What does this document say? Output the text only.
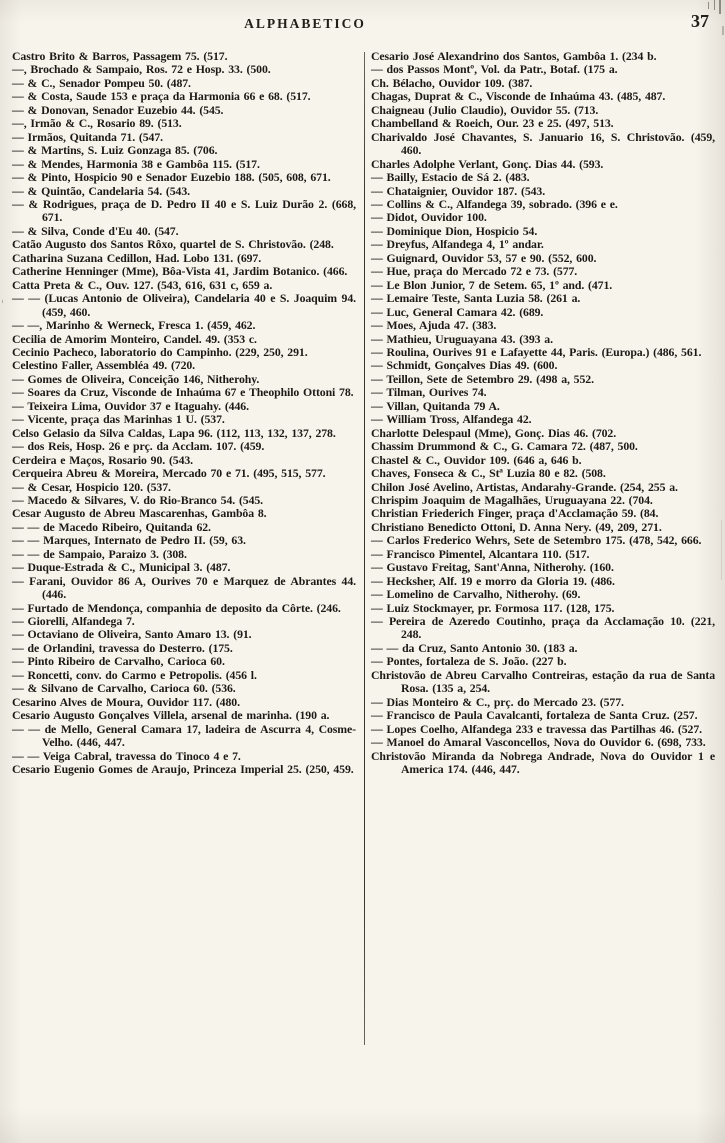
ALPHABETICO	37

Castro Brito & Barros, Passagem 75. (517.

—, Brochado & Sampaio, Ros. 72 e Hosp. 33. (500.

— & C., Senador Pompeu 50. (487.

— & Costa, Saude 153 e praça da Harmonia 66 e 68. (517.

— & Donovan, Senador Euzebio 44. (545.

—, Irmão & C., Rosario 89. (513.

— Irmãos, Quitanda 71. (547.

— & Martins, S. Luiz Gonzaga 85. (706.

— & Mendes, Harmonia 38 e Gambôa 115. (517.

— & Pinto, Hospicio 90 e Senador Euzebio 188. (505, 608, 671.

— & Quintão, Candelaria 54. (543.

— & Rodrigues, praça de D. Pedro II 40 e S. Luiz Durão 2. (668, 671.

— & Silva, Conde d'Eu 40. (547.

Catão Augusto dos Santos Rôxo, quartel de S. Christovão. (248.

Catharina Suzana Cedillon, Had. Lobo 131. (697.

Catherine Henninger (Mme), Bôa-Vista 41, Jardim Botanico. (466.

Catta Preta & C., Ouv. 127. (543, 616, 631 c, 659 a.

— — (Lucas Antonio de Oliveira), Candelaria 40 e S. Joaquim 94. (459, 460.

— —, Marinho & Werneck, Fresca 1. (459, 462.

Cecilia de Amorim Monteiro, Candel. 49. (353 c.

Cecinio Pacheco, laboratorio do Campinho. (229, 250, 291.

Celestino Faller, Assembléa 49. (720.

— Gomes de Oliveira, Conceição 146, Nitherohy.

— Soares da Cruz, Visconde de Inhaúma 67 e Theophilo Ottoni 78.

— Teixeira Lima, Ouvidor 37 e Itaguahy. (446.

— Vicente, praça das Marinhas 1 U. (537.

Celso Gelasio da Silva Caldas, Lapa 96. (112, 113, 132, 137, 278.

— dos Reis, Hosp. 26 e prç. da Acclam. 107. (459.

Cerdeira e Maços, Rosario 90. (543.

Cerqueira Abreu & Moreira, Mercado 70 e 71. (495, 515, 577.

— & Cesar, Hospicio 120. (537.

— Macedo & Silvares, V. do Rio-Branco 54. (545.

Cesar Augusto de Abreu Mascarenhas, Gambôa 8.

— — de Macedo Ribeiro, Quitanda 62.

— — Marques, Internato de Pedro II. (59, 63.

— — de Sampaio, Paraizo 3. (308.

— Duque-Estrada & C., Municipal 3. (487.

— Farani, Ouvidor 86 A, Ourives 70 e Marquez de Abrantes 44. (446.

— Furtado de Mendonça, companhia de deposito da Côrte. (246.

— Giorelli, Alfandega 7.

— Octaviano de Oliveira, Santo Amaro 13. (91.

— de Orlandini, travessa do Desterro. (175.

— Pinto Ribeiro de Carvalho, Carioca 60.

— Roncetti, conv. do Carmo e Petropolis. (456 l.

— & Silvano de Carvalho, Carioca 60. (536.

Cesarino Alves de Moura, Ouvidor 117. (480.

Cesario Augusto Gonçalves Villela, arsenal de marinha. (190 a.

— — de Mello, General Camara 17, ladeira de Ascurra 4, Cosme-Velho. (446, 447.

— — Veiga Cabral, travessa do Tinoco 4 e 7.

Cesario Eugenio Gomes de Araujo, Princeza Imperial 25. (250, 459.

Cesario José Alexandrino dos Santos, Gambôa 1. (234 b.

— dos Passos Montº, Vol. da Patr., Botaf. (175 a.

Ch. Bélacho, Ouvidor 109. (387.

Chagas, Duprat & C., Visconde de Inhaúma 43. (485, 487.

Chaigneau (Julio Claudio), Ouvidor 55. (713.

Chambelland & Roeich, Our. 23 e 25. (497, 513.

Charivaldo José Chavantes, S. Januario 16, S. Christovão. (459, 460.

Charles Adolphe Verlant, Gonç. Dias 44. (593.

— Bailly, Estacio de Sá 2. (483.

— Chataignier, Ouvidor 187. (543.

— Collins & C., Alfandega 39, sobrado. (396 e e.

— Didot, Ouvidor 100.

— Dominique Dion, Hospicio 54.

— Dreyfus, Alfandega 4, 1º andar.

— Guignard, Ouvidor 53, 57 e 90. (552, 600.

— Hue, praça do Mercado 72 e 73. (577.

— Le Blon Junior, 7 de Setem. 65, 1º and. (471.

— Lemaire Teste, Santa Luzia 58. (261 a.

— Luc, General Camara 42. (689.

— Moes, Ajuda 47. (383.

— Mathieu, Uruguayana 43. (393 a.

— Roulina, Ourives 91 e Lafayette 44, Paris. (Europa.) (486, 561.

— Schmidt, Gonçalves Dias 49. (600.

— Teillon, Sete de Setembro 29. (498 a, 552.

— Tilman, Ourives 74.

— Villan, Quitanda 79 A.

— William Tross, Alfandega 42.

Charlotte Delespaul (Mme), Gonç. Dias 46. (702.

Chassim Drummond & C., G. Camara 72. (487, 500.

Chastel & C., Ouvidor 109. (646 a, 646 b.

Chaves, Fonseca & C., Stª Luzia 80 e 82. (508.

Chilon José Avelino, Artistas, Andarahy-Grande. (254, 255 a.

Chrispim Joaquim de Magalhães, Uruguayana 22. (704.

Christian Friederich Finger, praça d'Acclamação 59. (84.

Christiano Benedicto Ottoni, D. Anna Nery. (49, 209, 271.

— Carlos Frederico Wehrs, Sete de Setembro 175. (478, 542, 666.

— Francisco Pimentel, Alcantara 110. (517.

— Gustavo Freitag, Sant'Anna, Nitherohy. (160.

— Hecksher, Alf. 19 e morro da Gloria 19. (486.

— Lomelino de Carvalho, Nitherohy. (69.

— Luiz Stockmayer, pr. Formosa 117. (128, 175.

— Pereira de Azeredo Coutinho, praça da Acclamação 10. (221, 248.

— — da Cruz, Santo Antonio 30. (183 a.

— Pontes, fortaleza de S. João. (227 b.

Christovão de Abreu Carvalho Contreiras, estação da rua de Santa Rosa. (135 a, 254.

— Dias Monteiro & C., prç. do Mercado 23. (577.

— Francisco de Paula Cavalcanti, fortaleza de Santa Cruz. (257.

— Lopes Coelho, Alfandega 233 e travessa das Partilhas 46. (527.

— Manoel do Amaral Vasconcellos, Nova do Ouvidor 6. (698, 733.

Christovão Miranda da Nobrega Andrade, Nova do Ouvidor 1 e America 174. (446, 447.
